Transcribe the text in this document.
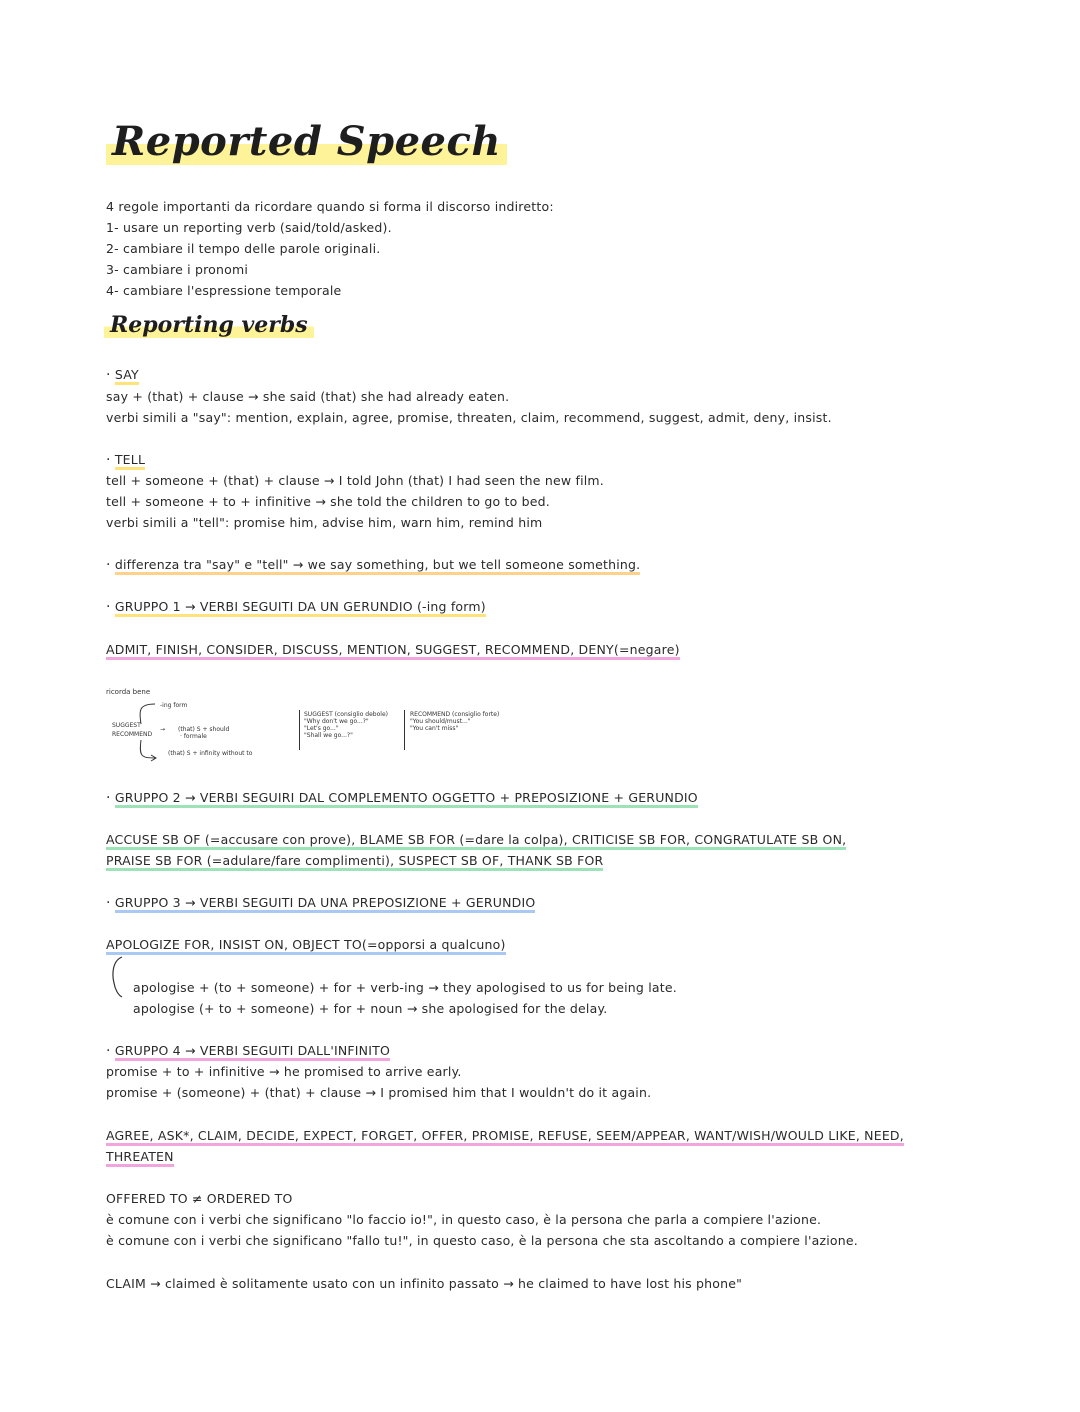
Reported Speech
4 regole importanti da ricordare quando si forma il discorso indiretto:
1- usare un reporting verb (said/told/asked).
2- cambiare il tempo delle parole originali.
3- cambiare i pronomi
4- cambiare l'espressione temporale
Reporting verbs
· SAY
say + (that) + clause → she said (that) she had already eaten.
verbi simili a "say": mention, explain, agree, promise, threaten, claim, recommend, suggest, admit, deny, insist.
· TELL
tell + someone + (that) + clause → I told John (that) I had seen the new film.
tell + someone + to + infinitive → she told the children to go to bed.
verbi simili a "tell": promise him, advise him, warn him, remind him
· differenza tra "say" e "tell" → we say something, but we tell someone something.
· GRUPPO 1 → VERBI SEGUITI DA UN GERUNDIO (-ing form)
ADMIT, FINISH, CONSIDER, DISCUSS, MENTION, SUGGEST, RECOMMEND, DENY(=negare)
ricorda bene
-ing form
SUGGEST
RECOMMEND
→ (that) S + should
· formale
(that) S + infinity without to
SUGGEST (consiglio debole)
"Why don't we go...?"
"Let's go..."
"Shall we go...?"
RECOMMEND (consiglio forte)
"You should/must..."
"You can't miss"
· GRUPPO 2 → VERBI SEGUIRI DAL COMPLEMENTO OGGETTO + PREPOSIZIONE + GERUNDIO
ACCUSE SB OF (=accusare con prove), BLAME SB FOR (=dare la colpa), CRITICISE SB FOR, CONGRATULATE SB ON,
PRAISE SB FOR (=adulare/fare complimenti), SUSPECT SB OF, THANK SB FOR
· GRUPPO 3 → VERBI SEGUITI DA UNA PREPOSIZIONE + GERUNDIO
APOLOGIZE FOR, INSIST ON, OBJECT TO(=opporsi a qualcuno)
apologise + (to + someone) + for + verb-ing → they apologised to us for being late.
apologise (+ to + someone) + for + noun → she apologised for the delay.
· GRUPPO 4 → VERBI SEGUITI DALL'INFINITO
promise + to + infinitive → he promised to arrive early.
promise + (someone) + (that) + clause → I promised him that I wouldn't do it again.
AGREE, ASK*, CLAIM, DECIDE, EXPECT, FORGET, OFFER, PROMISE, REFUSE, SEEM/APPEAR, WANT/WISH/WOULD LIKE, NEED,
THREATEN
OFFERED TO ≠ ORDERED TO
è comune con i verbi che significano "lo faccio io!", in questo caso, è la persona che parla a compiere l'azione.
è comune con i verbi che significano "fallo tu!", in questo caso, è la persona che sta ascoltando a compiere l'azione.
CLAIM → claimed è solitamente usato con un infinito passato → he claimed to have lost his phone"
